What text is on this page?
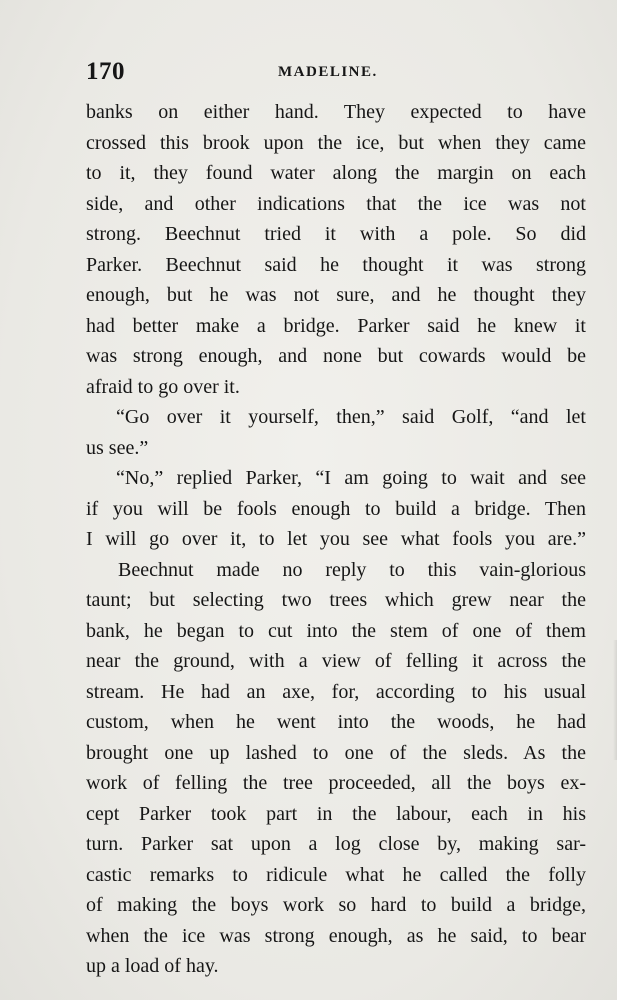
170	MADELINE.
banks on either hand. They expected to have
crossed this brook upon the ice, but when they came
to it, they found water along the margin on each
side, and other indications that the ice was not
strong. Beechnut tried it with a pole. So did
Parker. Beechnut said he thought it was strong
enough, but he was not sure, and he thought they
had better make a bridge. Parker said he knew it
was strong enough, and none but cowards would be
afraid to go over it.
“Go over it yourself, then,” said Golf, “and let
us see.”
“No,” replied Parker, “I am going to wait and see
if you will be fools enough to build a bridge. Then
I will go over it, to let you see what fools you are.”
Beechnut made no reply to this vain-glorious
taunt; but selecting two trees which grew near the
bank, he began to cut into the stem of one of them
near the ground, with a view of felling it across the
stream. He had an axe, for, according to his usual
custom, when he went into the woods, he had
brought one up lashed to one of the sleds. As the
work of felling the tree proceeded, all the boys ex-
cept Parker took part in the labour, each in his
turn. Parker sat upon a log close by, making sar-
castic remarks to ridicule what he called the folly
of making the boys work so hard to build a bridge,
when the ice was strong enough, as he said, to bear
up a load of hay.
